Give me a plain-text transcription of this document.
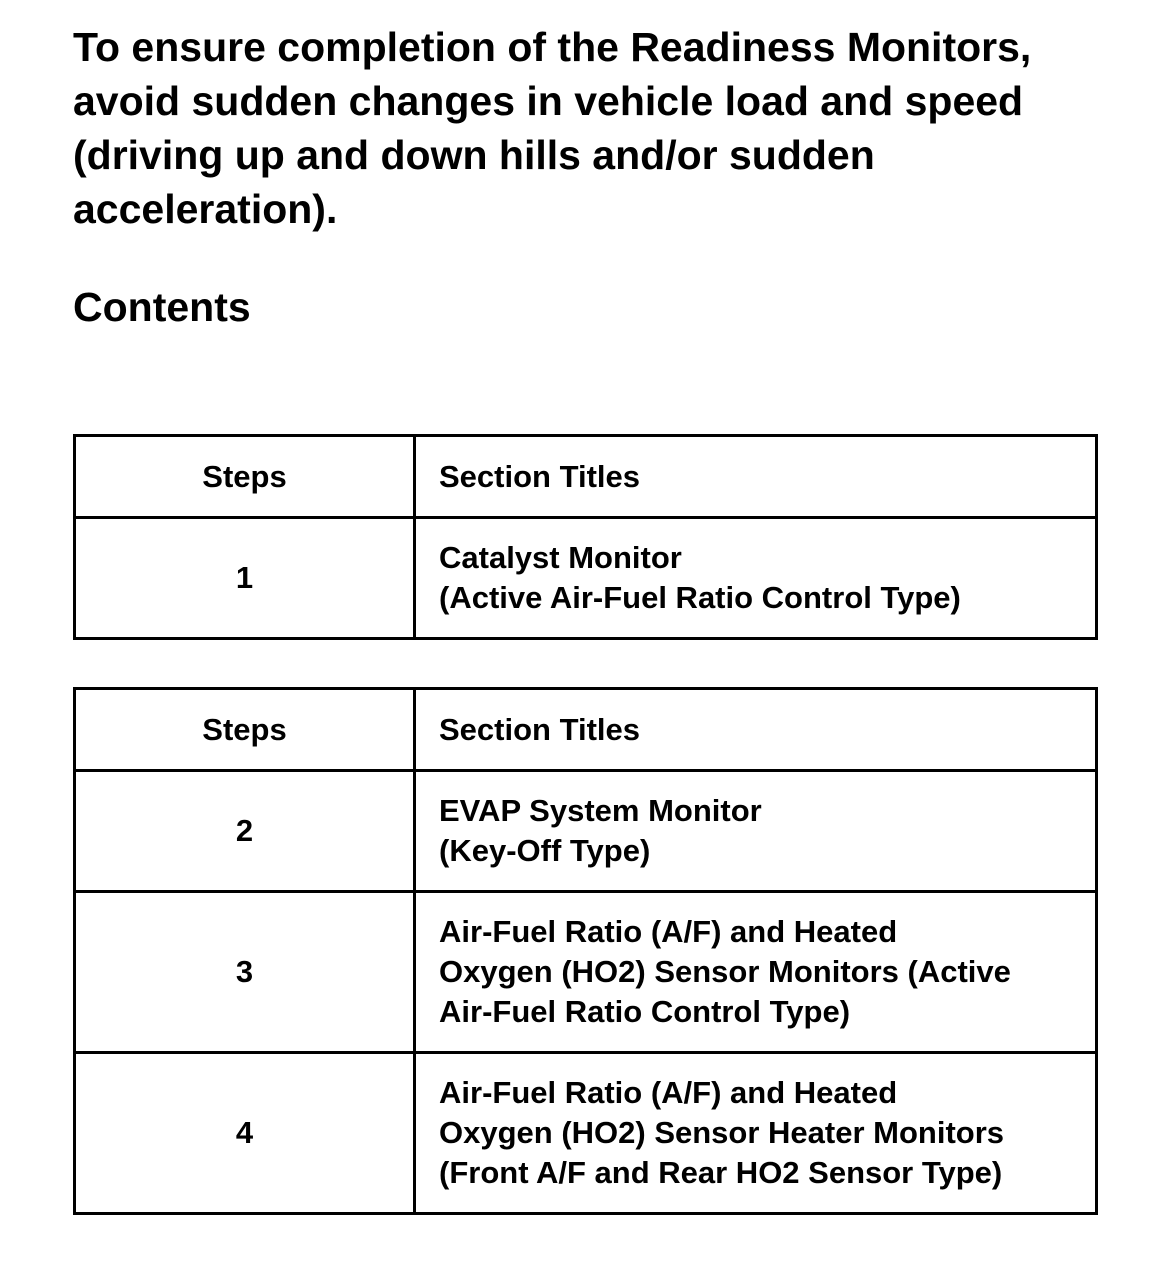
To ensure completion of the Readiness Monitors, avoid sudden changes in vehicle load and speed (driving up and down hills and/or sudden acceleration).

Contents
Steps	Section Titles
1	Catalyst Monitor
(Active Air-Fuel Ratio Control Type)
Steps	Section Titles
2	EVAP System Monitor
(Key-Off Type)

3	Air-Fuel Ratio (A/F) and Heated
Oxygen (HO2) Sensor Monitors (Active
Air-Fuel Ratio Control Type)

4	Air-Fuel Ratio (A/F) and Heated
Oxygen (HO2) Sensor Heater Monitors
(Front A/F and Rear HO2 Sensor Type)
